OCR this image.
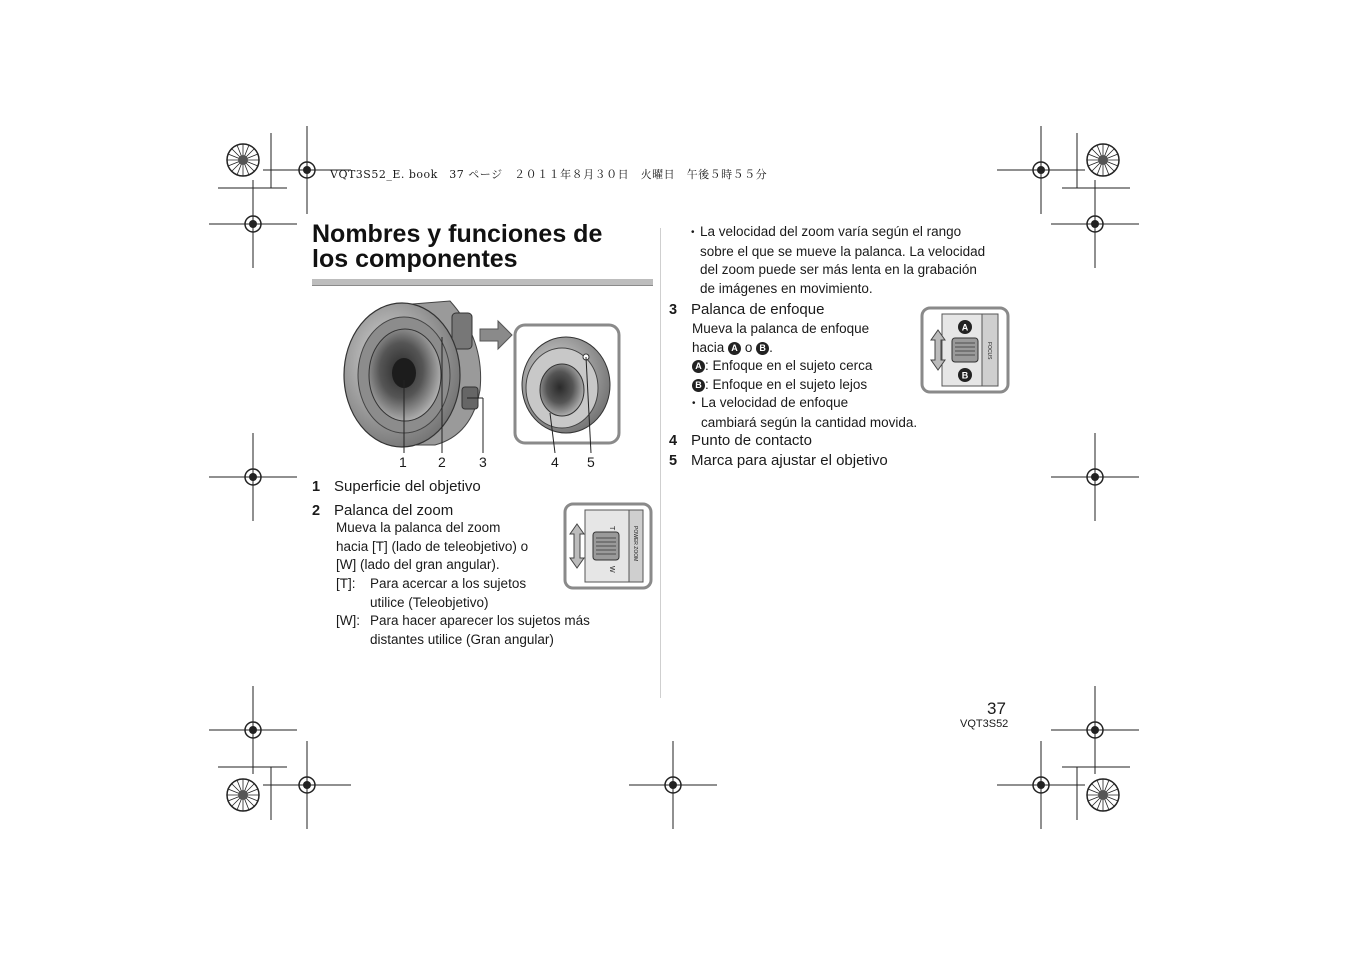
VQT3S52_E. book　37 ページ　２０１１年８月３０日　火曜日　午後５時５５分
Nombres y funciones de
los componentes
1 2 3	4 5
1 Superficie del objetivo
2 Palanca del zoom
Mueva la palanca del zoom
hacia [T] (lado de teleobjetivo) o
[W] (lado del gran angular).
[T]: Para acercar a los sujetos
utilice (Teleobjetivo)
[W]: Para hacer aparecer los sujetos más
distantes utilice (Gran angular)
T
W
POWER ZOOM
• La velocidad del zoom varía según el rango
sobre el que se mueve la palanca. La velocidad
del zoom puede ser más lenta en la grabación
de imágenes en movimiento.
3 Palanca de enfoque
Mueva la palanca de enfoque
hacia A o B .
A : Enfoque en el sujeto cerca
B : Enfoque en el sujeto lejos
• La velocidad de enfoque
cambiará según la cantidad movida.
A
B
FOCUS
4 Punto de contacto
5 Marca para ajustar el objetivo
37
VQT3S52
